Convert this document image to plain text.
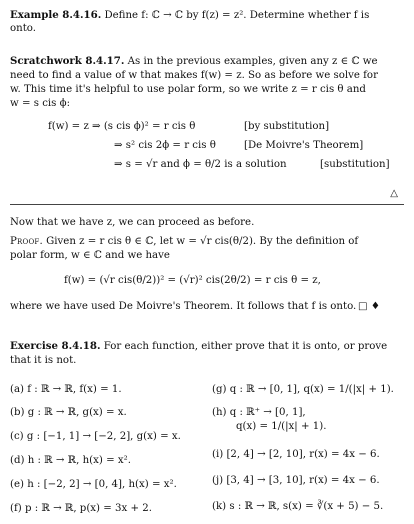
Example 8.4.16. Define f: ℂ → ℂ by f(z) = z². Determine whether f is
onto.
Scratchwork 8.4.17. As in the previous examples, given any z ∈ ℂ we
need to find a value of w that makes f(w) = z. So as before we solve for
w. This time it's helpful to use polar form, so we write z = r cis θ and
w = s cis ϕ:
f(w) = z ⇒ (s cis ϕ)² = r cis θ	[by substitution]
⇒ s² cis 2ϕ = r cis θ	[De Moivre's Theorem]
⇒ s = √r and ϕ = θ/2 is a solution	[substitution]
△
Now that we have z, we can proceed as before.
Proof. Given z = r cis θ ∈ ℂ, let w = √r cis(θ/2). By the definition of
polar form, w ∈ ℂ and we have
f(w) = (√r cis(θ/2))² = (√r)² cis(2θ/2) = r cis θ = z,
where we have used De Moivre's Theorem. It follows that f is onto. □ ♦
Exercise 8.4.18. For each function, either prove that it is onto, or prove
that it is not.
(a) f : ℝ → ℝ, f(x) = 1.
(b) g : ℝ → ℝ, g(x) = x.
(c) g : [−1, 1] → [−2, 2], g(x) = x.
(d) h : ℝ → ℝ, h(x) = x².
(e) h : [−2, 2] → [0, 4], h(x) = x².
(f) p : ℝ → ℝ, p(x) = 3x + 2.
(g) q : ℝ → [0, 1], q(x) = 1/(|x| + 1).
(h) q : ℝ⁺ → [0, 1],
q(x) = 1/(|x| + 1).
(i) [2, 4] → [2, 10], r(x) = 4x − 6.
(j) [3, 4] → [3, 10], r(x) = 4x − 6.
(k) s : ℝ → ℝ, s(x) = ∛(x + 5) − 5.
